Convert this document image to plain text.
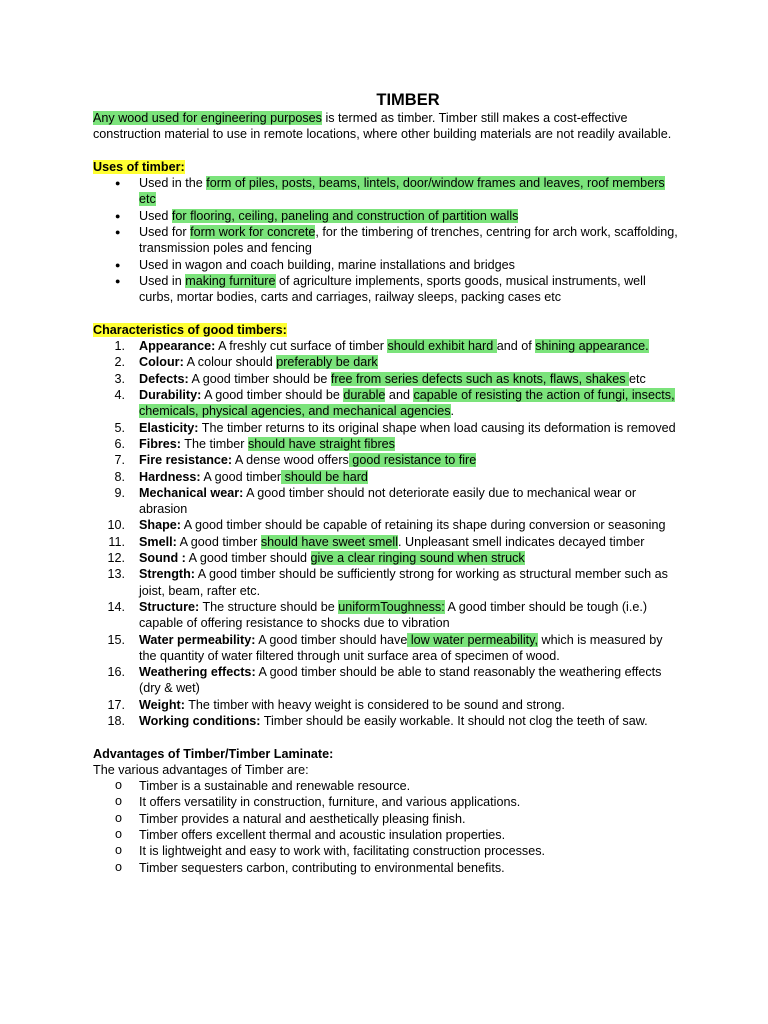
TIMBER

Any wood used for engineering purposes is termed as timber. Timber still makes a cost-effective construction material to use in remote locations, where other building materials are not readily available.

Uses of timber:

● Used in the form of piles, posts, beams, lintels, door/window frames and leaves, roof members etc
● Used for flooring, ceiling, paneling and construction of partition walls
● Used for form work for concrete, for the timbering of trenches, centring for arch work, scaffolding, transmission poles and fencing
● Used in wagon and coach building, marine installations and bridges
● Used in making furniture of agriculture implements, sports goods, musical instruments, well curbs, mortar bodies, carts and carriages, railway sleeps, packing cases etc

Characteristics of good timbers:

1. Appearance: A freshly cut surface of timber should exhibit hard and of shining appearance.
2. Colour: A colour should preferably be dark
3. Defects: A good timber should be free from series defects such as knots, flaws, shakes etc
4. Durability: A good timber should be durable and capable of resisting the action of fungi, insects, chemicals, physical agencies, and mechanical agencies.
5. Elasticity: The timber returns to its original shape when load causing its deformation is removed
6. Fibres: The timber should have straight fibres
7. Fire resistance: A dense wood offers good resistance to fire
8. Hardness: A good timber should be hard
9. Mechanical wear: A good timber should not deteriorate easily due to mechanical wear or abrasion
10. Shape: A good timber should be capable of retaining its shape during conversion or seasoning
11. Smell: A good timber should have sweet smell. Unpleasant smell indicates decayed timber
12. Sound : A good timber should give a clear ringing sound when struck
13. Strength: A good timber should be sufficiently strong for working as structural member such as joist, beam, rafter etc.
14. Structure: The structure should be uniformToughness: A good timber should be tough (i.e.) capable of offering resistance to shocks due to vibration
15. Water permeability: A good timber should have low water permeability, which is measured by the quantity of water filtered through unit surface area of specimen of wood.
16. Weathering effects: A good timber should be able to stand reasonably the weathering effects (dry & wet)
17. Weight: The timber with heavy weight is considered to be sound and strong.
18. Working conditions: Timber should be easily workable. It should not clog the teeth of saw.

Advantages of Timber/Timber Laminate:

The various advantages of Timber are:

o Timber is a sustainable and renewable resource.
o It offers versatility in construction, furniture, and various applications.
o Timber provides a natural and aesthetically pleasing finish.
o Timber offers excellent thermal and acoustic insulation properties.
o It is lightweight and easy to work with, facilitating construction processes.
o Timber sequesters carbon, contributing to environmental benefits.
